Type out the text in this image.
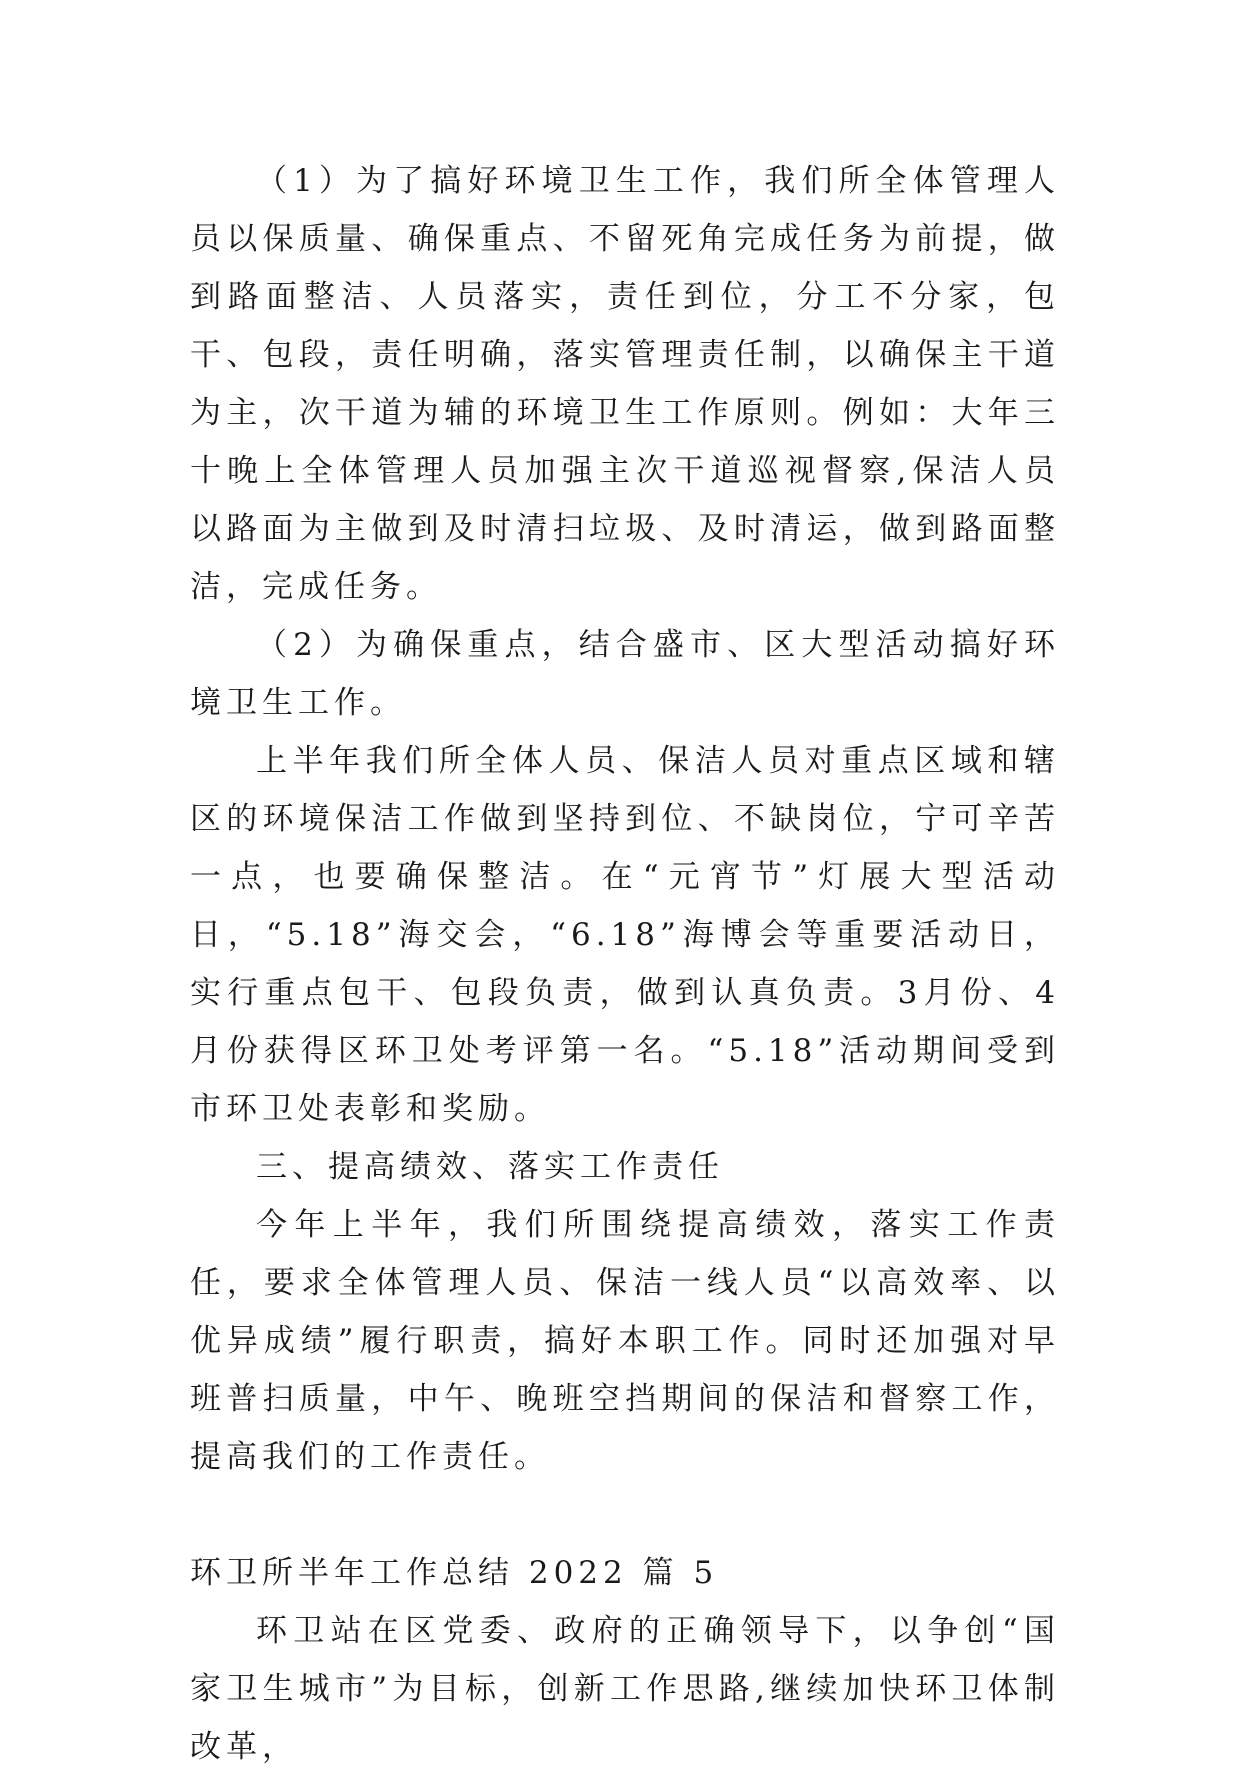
（1）为了搞好环境卫生工作，我们所全体管理人员以保质量、确保重点、不留死角完成任务为前提，做到路面整洁、人员落实，责任到位，分工不分家，包干、包段，责任明确，落实管理责任制，以确保主干道为主，次干道为辅的环境卫生工作原则。例如：大年三十晚上全体管理人员加强主次干道巡视督察,保洁人员以路面为主做到及时清扫垃圾、及时清运，做到路面整洁，完成任务。

（2）为确保重点，结合盛市、区大型活动搞好环境卫生工作。

上半年我们所全体人员、保洁人员对重点区域和辖区的环境保洁工作做到坚持到位、不缺岗位，宁可辛苦一点，也要确保整洁。在“元宵节”灯展大型活动日，“5.18”海交会，“6.18”海博会等重要活动日，实行重点包干、包段负责，做到认真负责。3月份、4月份获得区环卫处考评第一名。“5.18”活动期间受到市环卫处表彰和奖励。

三、提高绩效、落实工作责任

今年上半年，我们所围绕提高绩效，落实工作责任，要求全体管理人员、保洁一线人员“以高效率、以优异成绩”履行职责，搞好本职工作。同时还加强对早班普扫质量，中午、晚班空挡期间的保洁和督察工作，提高我们的工作责任。

环卫所半年工作总结 2022 篇 5

环卫站在区党委、政府的正确领导下，以争创“国家卫生城市”为目标，创新工作思路,继续加快环卫体制改革，
